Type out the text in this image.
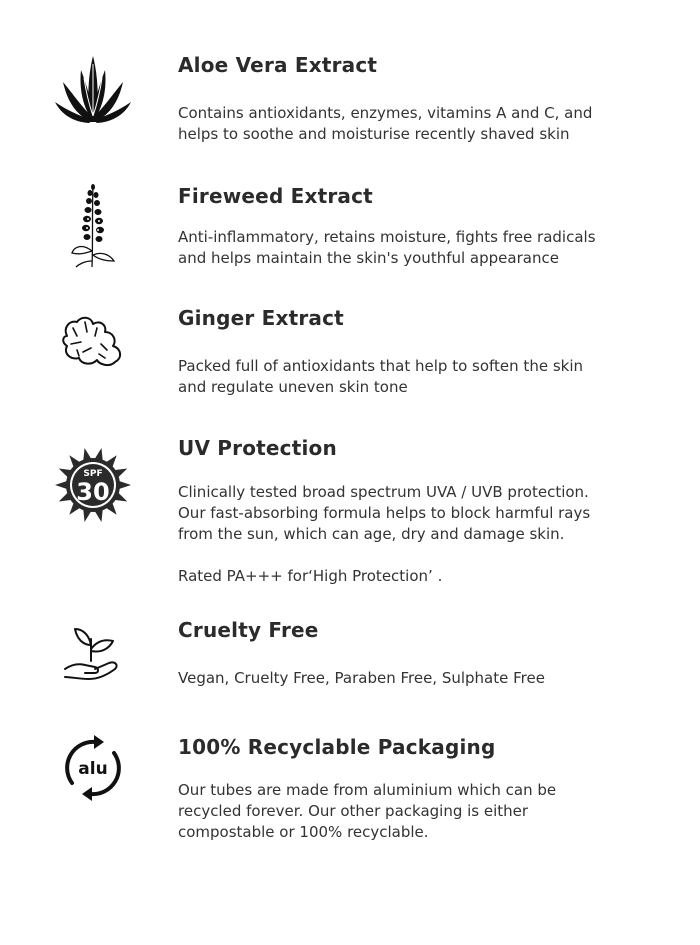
Aloe Vera Extract
Contains antioxidants, enzymes, vitamins A and C, and
helps to soothe and moisturise recently shaved skin
Fireweed Extract
Anti-inflammatory, retains moisture, fights free radicals
and helps maintain the skin's youthful appearance
Ginger Extract
Packed full of antioxidants that help to soften the skin
and regulate uneven skin tone
SPF
30
UV Protection
Clinically tested broad spectrum UVA / UVB protection.
Our fast-absorbing formula helps to block harmful rays
from the sun, which can age, dry and damage skin.
Rated PA+++ for‘High Protection’ .
Cruelty Free
Vegan, Cruelty Free, Paraben Free, Sulphate Free
alu
100% Recyclable Packaging
Our tubes are made from aluminium which can be
recycled forever. Our other packaging is either
compostable or 100% recyclable.
